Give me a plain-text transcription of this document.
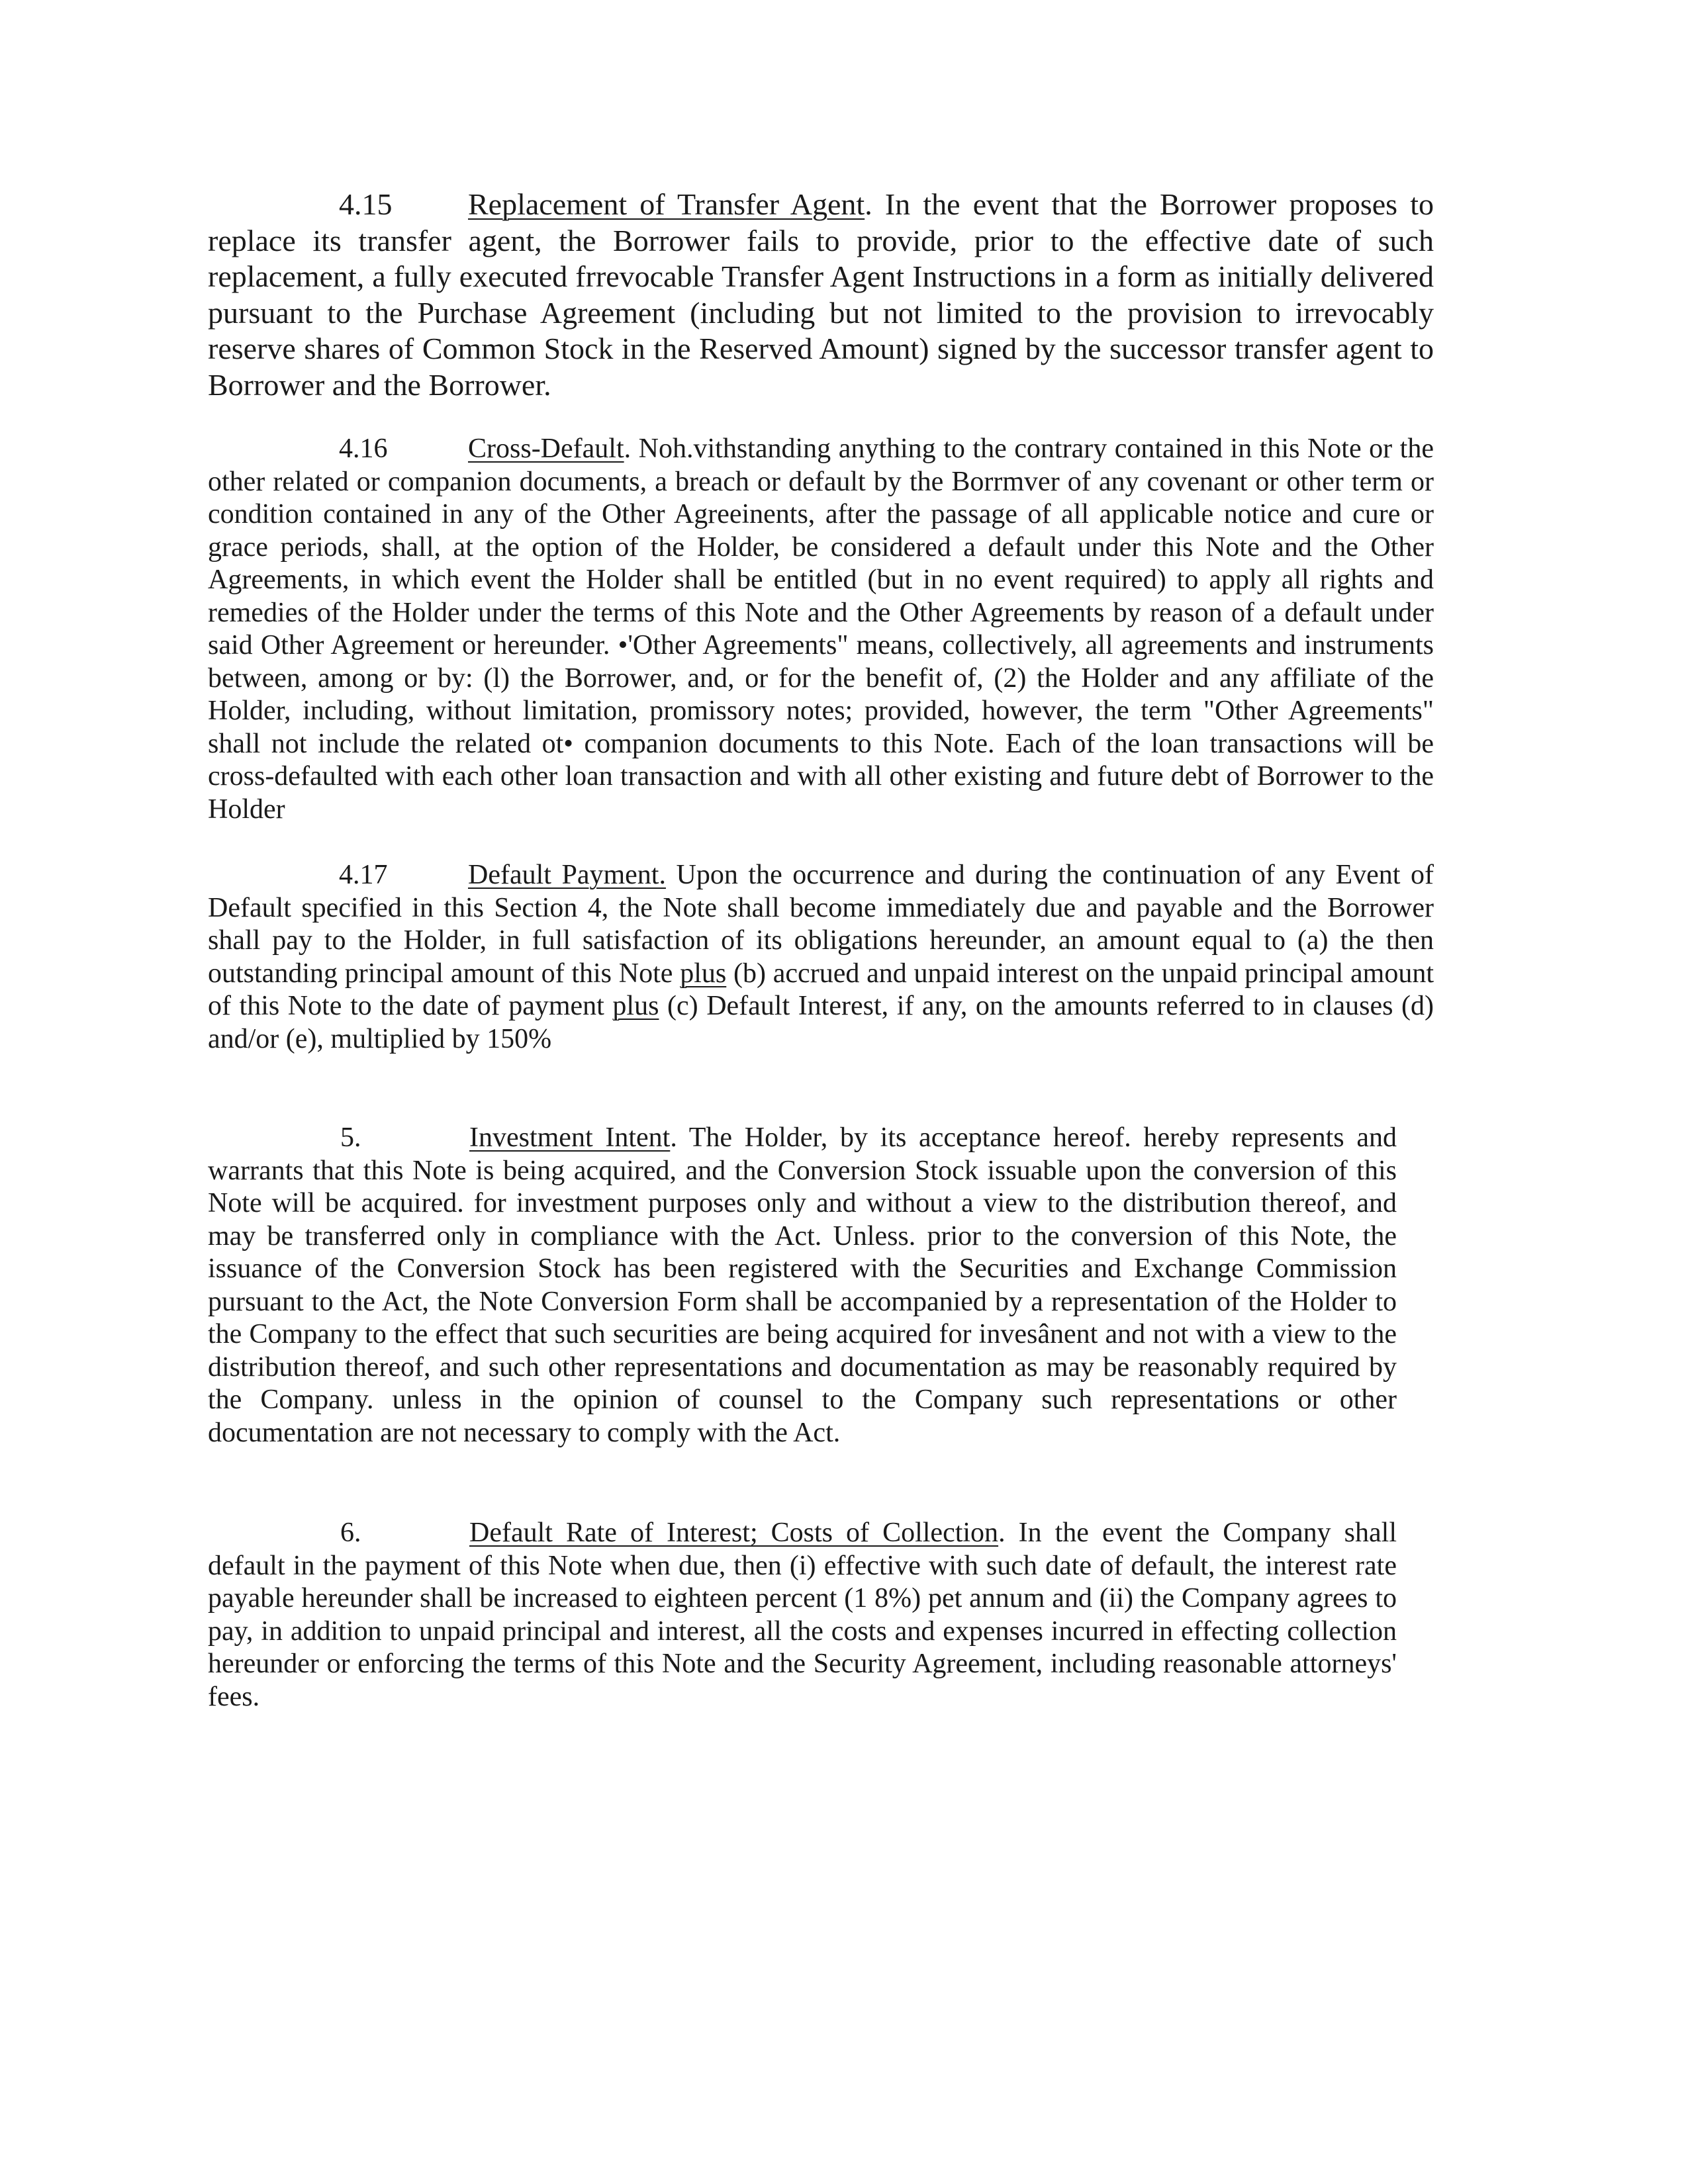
4.15 Replacement of Transfer Agent. In the event that the Borrower proposes to replace its transfer agent, the Borrower fails to provide, prior to the effective date of such replacement, a fully executed frrevocable Transfer Agent Instructions in a form as initially delivered pursuant to the Purchase Agreement (including but not limited to the provision to irrevocably reserve shares of Common Stock in the Reserved Amount) signed by the successor transfer agent to Borrower and the Borrower.

4.16	Cross-Default. Noh.vithstanding anything to the contrary contained in this Note or the other related or companion documents, a breach or default by the Borrmver of any covenant or other term or condition contained in any of the Other Agreeinents, after the passage of all applicable notice and cure or grace periods, shall, at the option of the Holder, be considered a default under this Note and the Other Agreements, in which event the Holder shall be entitled (but in no event required) to apply all rights and remedies of the Holder under the terms of this Note and the Other Agreements by reason of a default under said Other Agreement or hereunder. •'Other Agreements" means, collectively, all agreements and instruments between, among or by: (l) the Borrower, and, or for the benefit of, (2) the Holder and any affiliate of the Holder, including, without limitation, promissory notes; provided, however, the term "Other Agreements" shall not include the related ot• companion documents to this Note. Each of the loan transactions will be cross-defaulted with each other loan transaction and with all other existing and future debt of Borrower to the Holder

4.17	Default Payment. Upon the occurrence and during the continuation of any Event of Default specified in this Section 4, the Note shall become immediately due and payable and the Borrower shall pay to the Holder, in full satisfaction of its obligations hereunder, an amount equal to (a) the then outstanding principal amount of this Note plus (b) accrued and unpaid interest on the unpaid principal amount of this Note to the date of payment plus (c) Default Interest, if any, on the amounts referred to in clauses (d) and/or (e), multiplied by 150%

5.	Investment Intent. The Holder, by its acceptance hereof. hereby represents and warrants that this Note is being acquired, and the Conversion Stock issuable upon the conversion of this Note will be acquired. for investment purposes only and without a view to the distribution thereof, and may be transferred only in compliance with the Act. Unless. prior to the conversion of this Note, the issuance of the Conversion Stock has been registered with the Securities and Exchange Commission pursuant to the Act, the Note Conversion Form shall be accompanied by a representation of the Holder to the Company to the effect that such securities are being acquired for invesânent and not with a view to the distribution thereof, and such other representations and documentation as may be reasonably required by the Company. unless in the opinion of counsel to the Company such representations or other documentation are not necessary to comply with the Act.

6.	Default Rate of Interest; Costs of Collection. In the event the Company shall default in the payment of this Note when due, then (i) effective with such date of default, the interest rate payable hereunder shall be increased to eighteen percent (1 8%) pet annum and (ii) the Company agrees to pay, in addition to unpaid principal and interest, all the costs and expenses incurred in effecting collection hereunder or enforcing the terms of this Note and the Security Agreement, including reasonable attorneys' fees.
